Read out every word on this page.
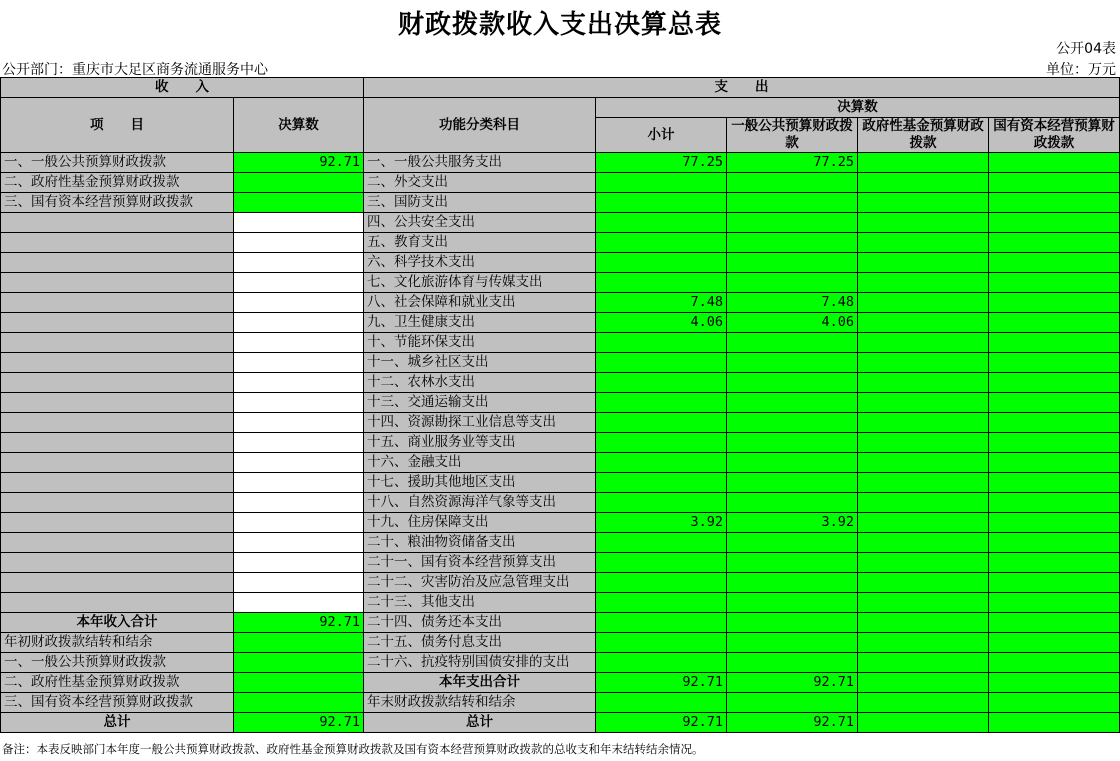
财政拨款收入支出决算总表
公开04表
公开部门：重庆市大足区商务流通服务中心	单位：万元
收　　入		支　　出				
项　　目	决算数	功能分类科目	决算数			
			小计	一般公共预算财政拨款	政府性基金预算财政拨款	国有资本经营预算财政拨款

一、一般公共预算财政拨款	92.71	一、一般公共服务支出	77.25	77.25		
二、政府性基金预算财政拨款		二、外交支出				
三、国有资本经营预算财政拨款		三、国防支出				
		四、公共安全支出				
		五、教育支出				
		六、科学技术支出				
		七、文化旅游体育与传媒支出				
		八、社会保障和就业支出	7.48	7.48		
		九、卫生健康支出	4.06	4.06		
		十、节能环保支出				
		十一、城乡社区支出				
		十二、农林水支出				
		十三、交通运输支出				
		十四、资源勘探工业信息等支出				
		十五、商业服务业等支出				
		十六、金融支出				
		十七、援助其他地区支出				
		十八、自然资源海洋气象等支出				
		十九、住房保障支出	3.92	3.92		
		二十、粮油物资储备支出				
		二十一、国有资本经营预算支出				
		二十二、灾害防治及应急管理支出				
		二十三、其他支出				
本年收入合计	92.71	二十四、债务还本支出				
年初财政拨款结转和结余		二十五、债务付息支出				
一、一般公共预算财政拨款		二十六、抗疫特别国债安排的支出				
二、政府性基金预算财政拨款		本年支出合计	92.71	92.71		
三、国有资本经营预算财政拨款		年末财政拨款结转和结余				
总计	92.71	总计	92.71	92.71		
备注：本表反映部门本年度一般公共预算财政拨款、政府性基金预算财政拨款及国有资本经营预算财政拨款的总收支和年末结转结余情况。
